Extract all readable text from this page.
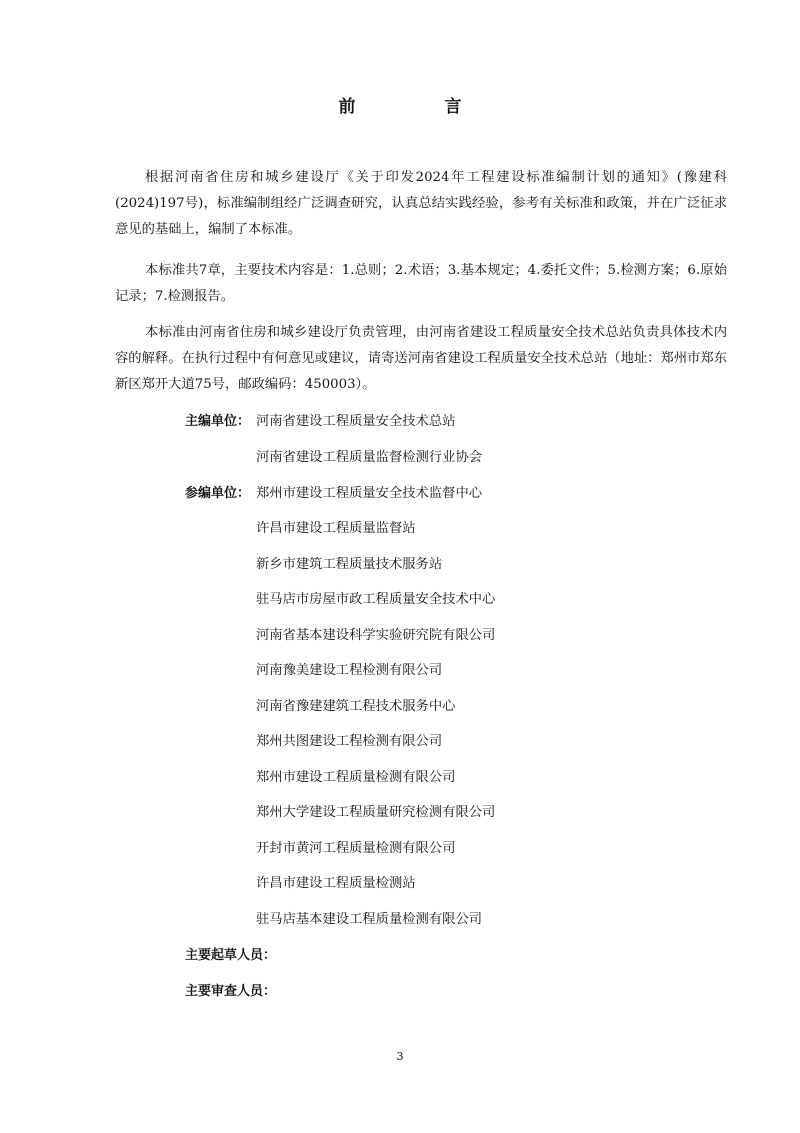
前　言

根据河南省住房和城乡建设厅《关于印发2024年工程建设标准编制计划的通知》(豫建科(2024)197号)，标准编制组经广泛调查研究，认真总结实践经验，参考有关标准和政策，并在广泛征求意见的基础上，编制了本标准。

本标准共7章，主要技术内容是：1.总则；2.术语；3.基本规定；4.委托文件；5.检测方案；6.原始记录；7.检测报告。

本标准由河南省住房和城乡建设厅负责管理，由河南省建设工程质量安全技术总站负责具体技术内容的解释。在执行过程中有何意见或建议，请寄送河南省建设工程质量安全技术总站（地址：郑州市郑东新区郑开大道75号，邮政编码：450003）。

主编单位： 河南省建设工程质量安全技术总站
河南省建设工程质量监督检测行业协会
参编单位： 郑州市建设工程质量安全技术监督中心
许昌市建设工程质量监督站
新乡市建筑工程质量技术服务站
驻马店市房屋市政工程质量安全技术中心
河南省基本建设科学实验研究院有限公司
河南豫美建设工程检测有限公司
河南省豫建建筑工程技术服务中心
郑州共图建设工程检测有限公司
郑州市建设工程质量检测有限公司
郑州大学建设工程质量研究检测有限公司
开封市黄河工程质量检测有限公司
许昌市建设工程质量检测站
驻马店基本建设工程质量检测有限公司
主要起草人员：
主要审查人员：
3
